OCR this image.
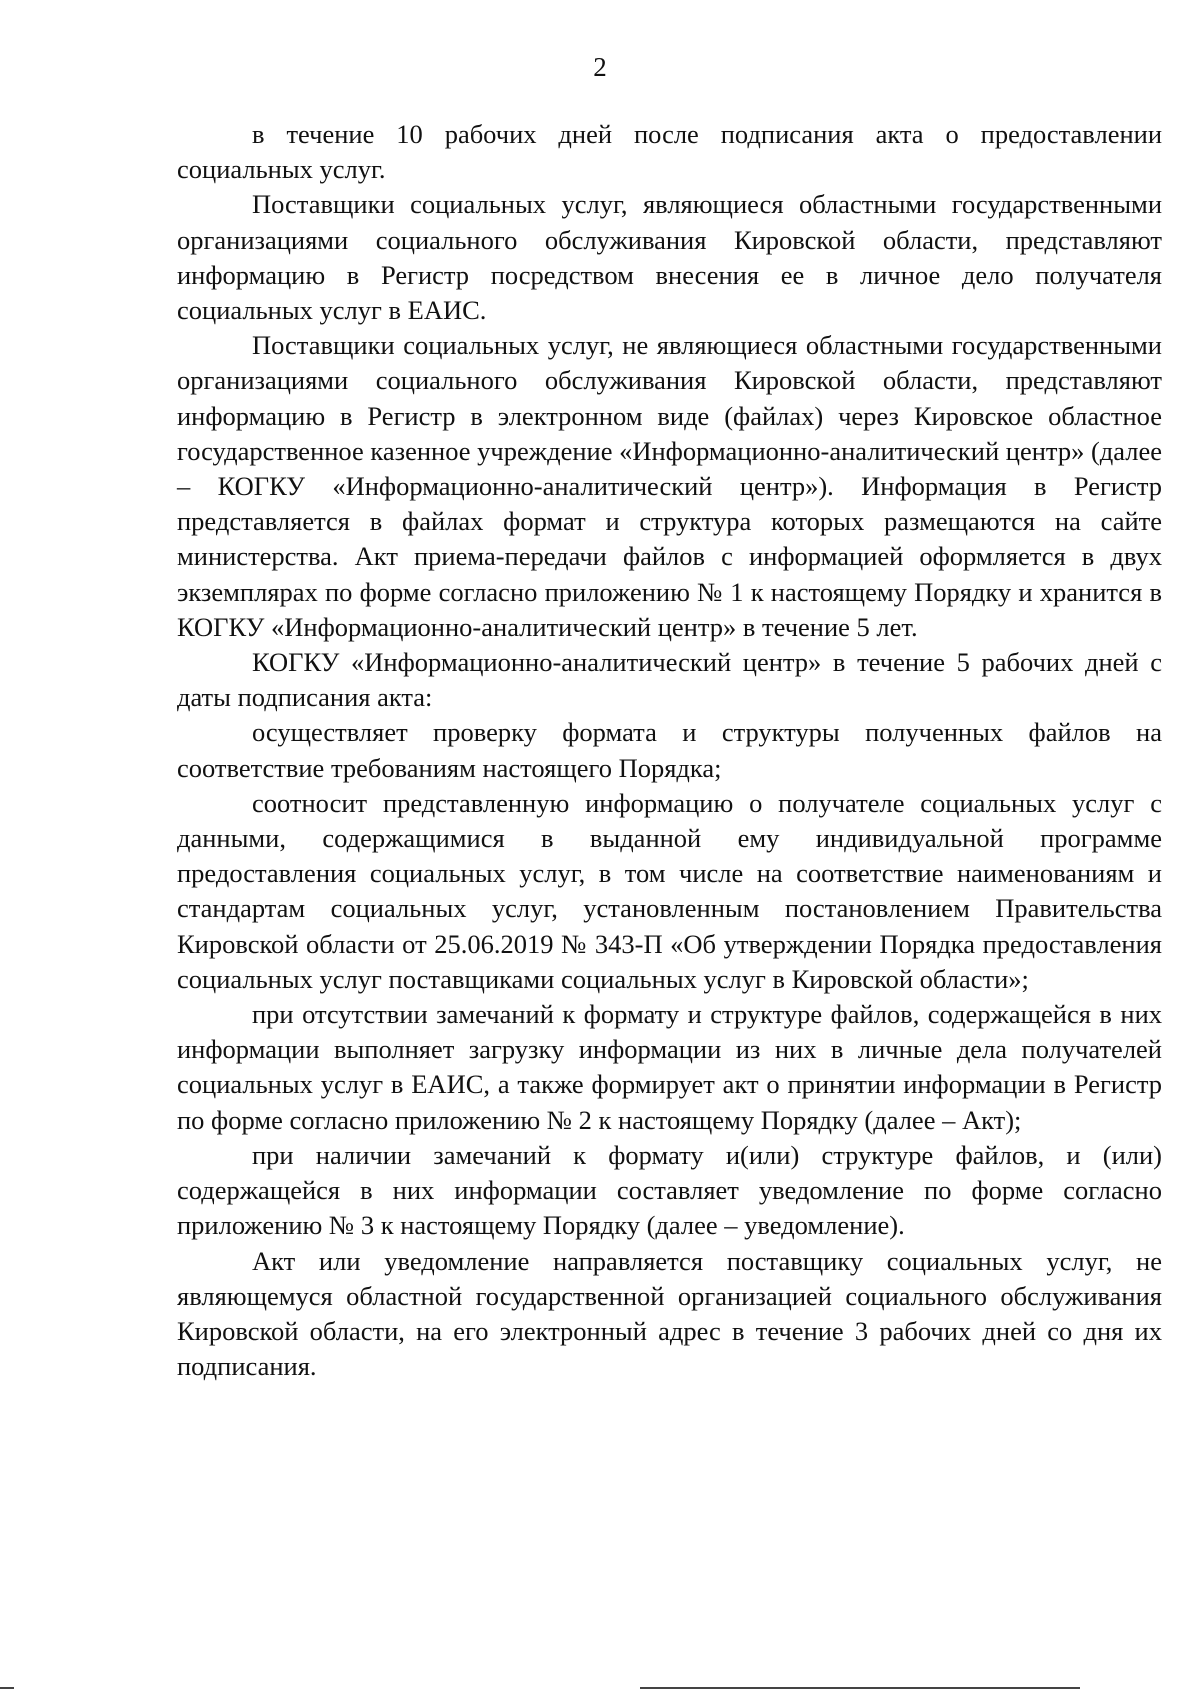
2

в течение 10 рабочих дней после подписания акта о предоставлении социальных услуг.

Поставщики социальных услуг, являющиеся областными государственными организациями социального обслуживания Кировской области, представляют информацию в Регистр посредством внесения ее в личное дело получателя социальных услуг в ЕАИС.

Поставщики социальных услуг, не являющиеся областными государственными организациями социального обслуживания Кировской области, представляют информацию в Регистр в электронном виде (файлах) через Кировское областное государственное казенное учреждение «Информационно-аналитический центр» (далее – КОГКУ «Информационно-аналитический центр»). Информация в Регистр представляется в файлах формат и структура которых размещаются на сайте министерства. Акт приема-передачи файлов с информацией оформляется в двух экземплярах по форме согласно приложению № 1 к настоящему Порядку и хранится в КОГКУ «Информационно-аналитический центр» в течение 5 лет.

КОГКУ «Информационно-аналитический центр» в течение 5 рабочих дней с даты подписания акта:

осуществляет проверку формата и структуры полученных файлов на соответствие требованиям настоящего Порядка;

соотносит представленную информацию о получателе социальных услуг с данными, содержащимися в выданной ему индивидуальной программе предоставления социальных услуг, в том числе на соответствие наименованиям и стандартам социальных услуг, установленным постановлением Правительства Кировской области от 25.06.2019 № 343-П «Об утверждении Порядка предоставления социальных услуг поставщиками социальных услуг в Кировской области»;

при отсутствии замечаний к формату и структуре файлов, содержащейся в них информации выполняет загрузку информации из них в личные дела получателей социальных услуг в ЕАИС, а также формирует акт о принятии информации в Регистр по форме согласно приложению № 2 к настоящему Порядку (далее – Акт);

при наличии замечаний к формату и(или) структуре файлов, и (или) содержащейся в них информации составляет уведомление по форме согласно приложению № 3 к настоящему Порядку (далее – уведомление).

Акт или уведомление направляется поставщику социальных услуг, не являющемуся областной государственной организацией социального обслуживания Кировской области, на его электронный адрес в течение 3 рабочих дней со дня их подписания.
